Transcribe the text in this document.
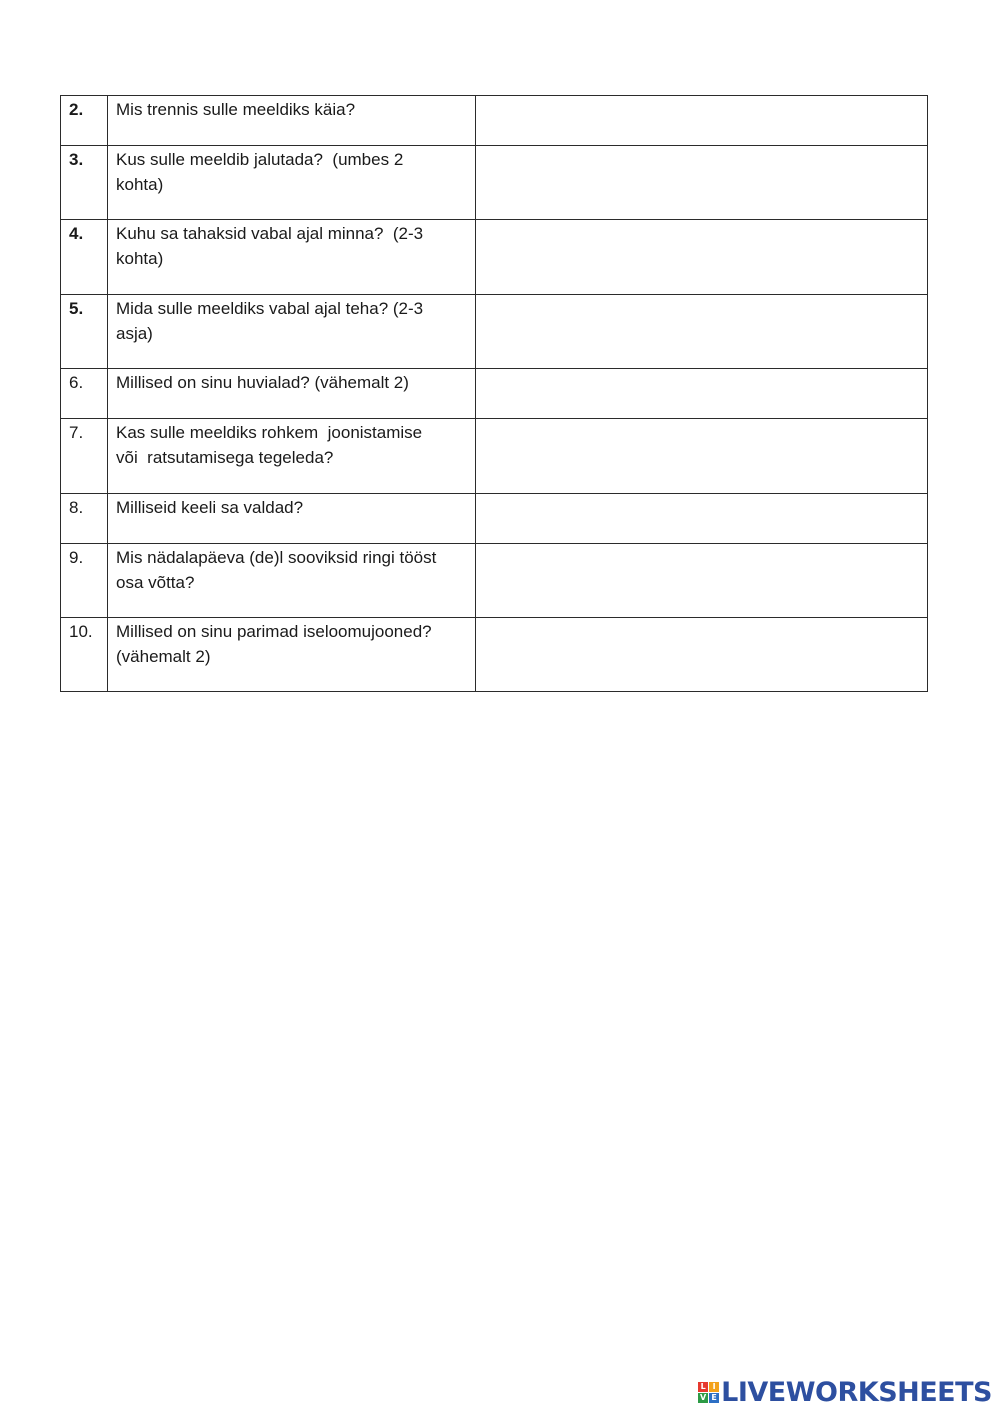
2.	Mis trennis sulle meeldiks käia?

3.	Kus sulle meeldib jalutada?  (umbes 2
kohta)

4.	Kuhu sa tahaksid vabal ajal minna?  (2-3
kohta)

5.	Mida sulle meeldiks vabal ajal teha? (2-3
asja)

6.	Millised on sinu huvialad? (vähemalt 2)

7.	Kas sulle meeldiks rohkem  joonistamise
või  ratsutamisega tegeleda?

8.	Milliseid keeli sa valdad?

9.	Mis nädalapäeva (de)l sooviksid ringi tööst
osa võtta?

10.	Millised on sinu parimad iseloomujooned?
(vähemalt 2)

L I
V E LIVEWORKSHEETS
